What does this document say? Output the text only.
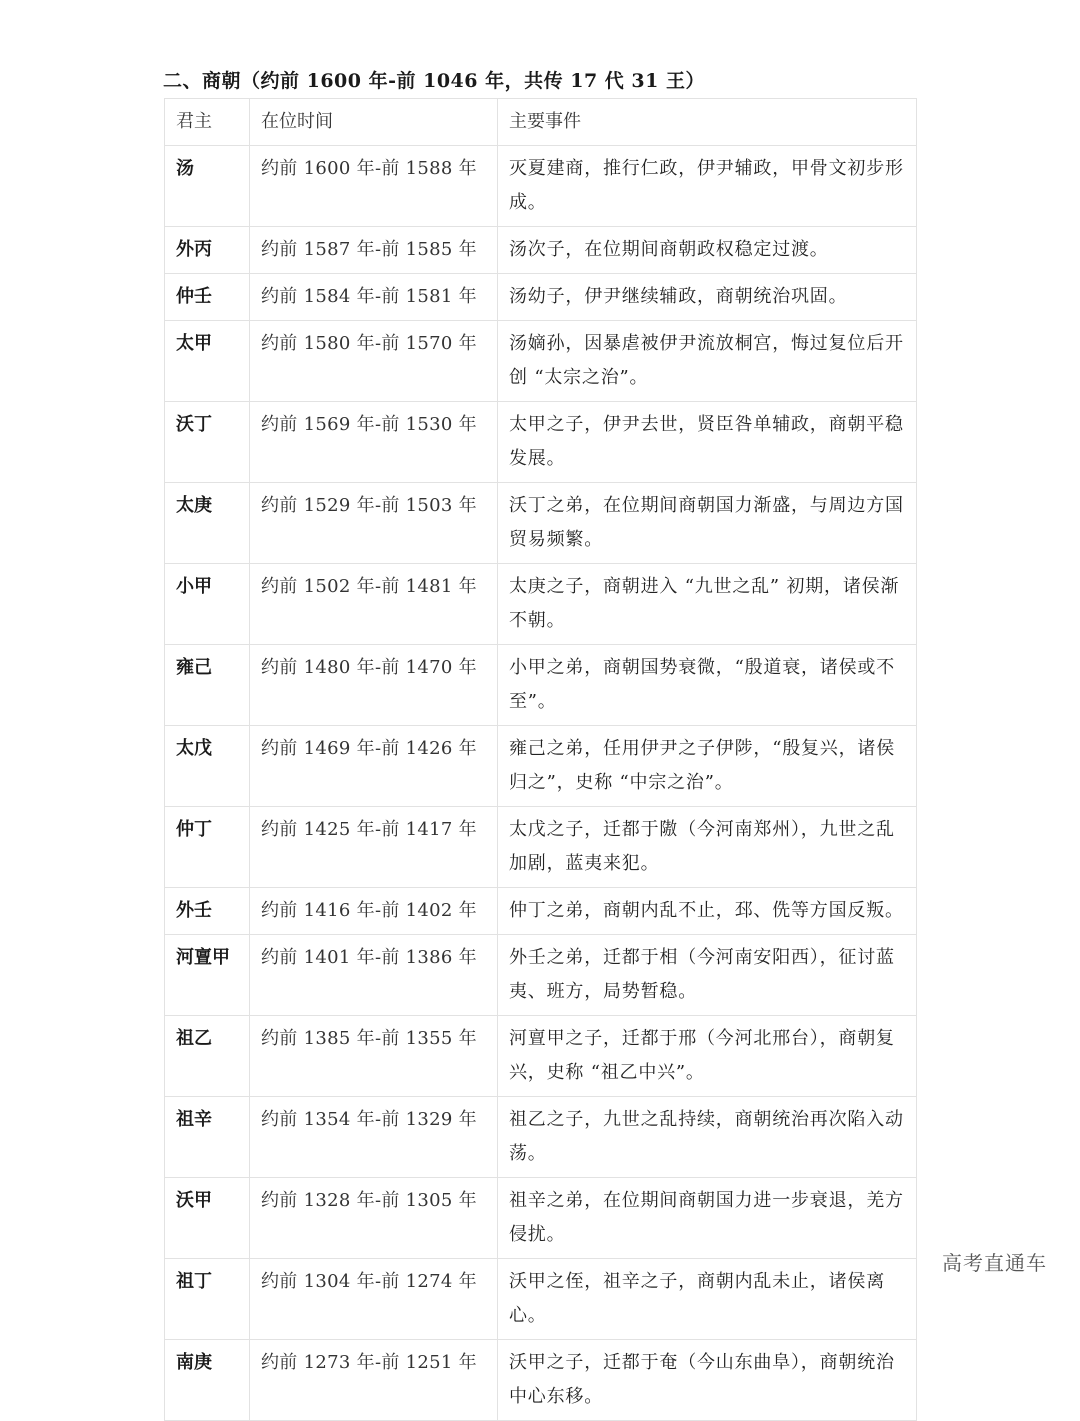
二、商朝（约前 1600 年-前 1046 年，共传 17 代 31 王）
君主	在位时间	主要事件
汤	约前 1600 年-前 1588 年	灭夏建商，推行仁政，伊尹辅政，甲骨文初步形成。
外丙	约前 1587 年-前 1585 年	汤次子，在位期间商朝政权稳定过渡。
仲壬	约前 1584 年-前 1581 年	汤幼子，伊尹继续辅政，商朝统治巩固。
太甲	约前 1580 年-前 1570 年	汤嫡孙，因暴虐被伊尹流放桐宫，悔过复位后开创 “太宗之治”。
沃丁	约前 1569 年-前 1530 年	太甲之子，伊尹去世，贤臣咎单辅政，商朝平稳发展。
太庚	约前 1529 年-前 1503 年	沃丁之弟，在位期间商朝国力渐盛，与周边方国贸易频繁。
小甲	约前 1502 年-前 1481 年	太庚之子，商朝进入 “九世之乱” 初期，诸侯渐不朝。
雍己	约前 1480 年-前 1470 年	小甲之弟，商朝国势衰微，“殷道衰，诸侯或不至”。
太戊	约前 1469 年-前 1426 年	雍己之弟，任用伊尹之子伊陟，“殷复兴，诸侯归之”，史称 “中宗之治”。
仲丁	约前 1425 年-前 1417 年	太戊之子，迁都于隞（今河南郑州），九世之乱加剧，蓝夷来犯。
外壬	约前 1416 年-前 1402 年	仲丁之弟，商朝内乱不止，邳、侁等方国反叛。
河亶甲	约前 1401 年-前 1386 年	外壬之弟，迁都于相（今河南安阳西），征讨蓝夷、班方，局势暂稳。
祖乙	约前 1385 年-前 1355 年	河亶甲之子，迁都于邢（今河北邢台），商朝复兴，史称 “祖乙中兴”。
祖辛	约前 1354 年-前 1329 年	祖乙之子，九世之乱持续，商朝统治再次陷入动荡。
沃甲	约前 1328 年-前 1305 年	祖辛之弟，在位期间商朝国力进一步衰退，羌方侵扰。
祖丁	约前 1304 年-前 1274 年	沃甲之侄，祖辛之子，商朝内乱未止，诸侯离心。
南庚	约前 1273 年-前 1251 年	沃甲之子，迁都于奄（今山东曲阜），商朝统治中心东移。
高考直通车
